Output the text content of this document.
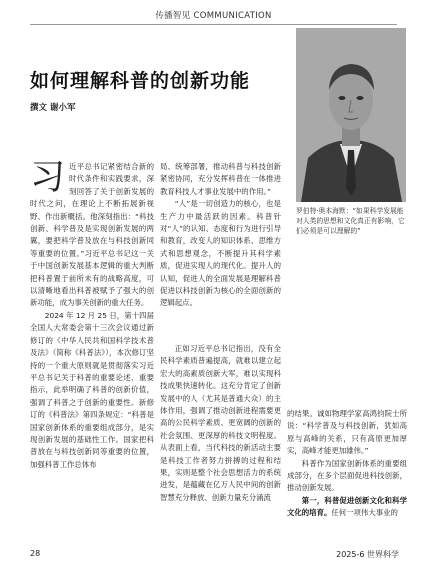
传播智见 COMMUNICATION
如何理解科普的创新功能
撰文 谢小军
罗伯特·奥本海默：“如果科学发展能对人类的思想和文化真正有影响，它们必须是可以理解的”

习近平总书记紧密结合新的时代条件和实践要求，深刻回答了关于创新发展的时代之问，在理论上不断拓展新视野、作出新概括。他深刻指出：“科技创新、科学普及是实现创新发展的两翼，要把科学普及放在与科技创新同等重要的位置。”习近平总书记这一关于中国创新发展基本逻辑的重大判断把科普置于前所未有的战略高度，可以清晰地看出科普被赋予了强大的创新功能，成为事关创新的重大任务。

2024 年 12 月 25 日，第十四届全国人大常委会第十三次会议通过新修订的《中华人民共和国科学技术普及法》（简称《科普法》），本次修订坚持的一个重大原则就是贯彻落实习近平总书记关于科普的重要论述、重要指示，此举明确了科普的创新价值，强调了科普之于创新的重要性。新修订的《科普法》第四条规定：“科普是国家创新体系的重要组成部分，是实现创新发展的基础性工作。国家把科普放在与科技创新同等重要的位置，加强科普工作总体布

局、统筹部署，推动科普与科技创新紧密协同，充分发挥科普在一体推进教育科技人才事业发展中的作用。”

“人”是一切创造力的核心，也是生产力中最活跃的因素。科普针对“人”的认知、态度和行为进行引导和教育，改变人的知识体系、思维方式和思想观念，不断提升其科学素质，促进实现人的现代化。提升人的认知，促进人的全面发展是理解科普促进以科技创新为核心的全面创新的逻辑起点。

正如习近平总书记指出，没有全民科学素质普遍提高，就难以建立起宏大的高素质创新大军，难以实现科技成果快速转化。这充分肯定了创新发展中的人（尤其是普通大众）的主体作用，强调了推动创新进程需要更高的公民科学素质、更宽阔的创新的社会氛围、更深厚的科技文明程度。从表面上看，当代科技的新活动主要是科技工作者努力拼搏的过程和结果，实则是整个社会思想活力的系统迸发，是蕴藏在亿万人民中间的创新智慧充分释放、创新力量充分涌流

的结果。诚如物理学家高鸿钧院士所说：“科学普及与科技创新，犹如高原与高峰的关系，只有高原更加厚实，高峰才能更加雄伟。”

科普作为国家创新体系的重要组成部分，在多个层面促进科技创新，推动创新发展。

第一，科普促进创新文化和科学文化的培育。任何一项伟大事业的

28	2025-6 世界科学
